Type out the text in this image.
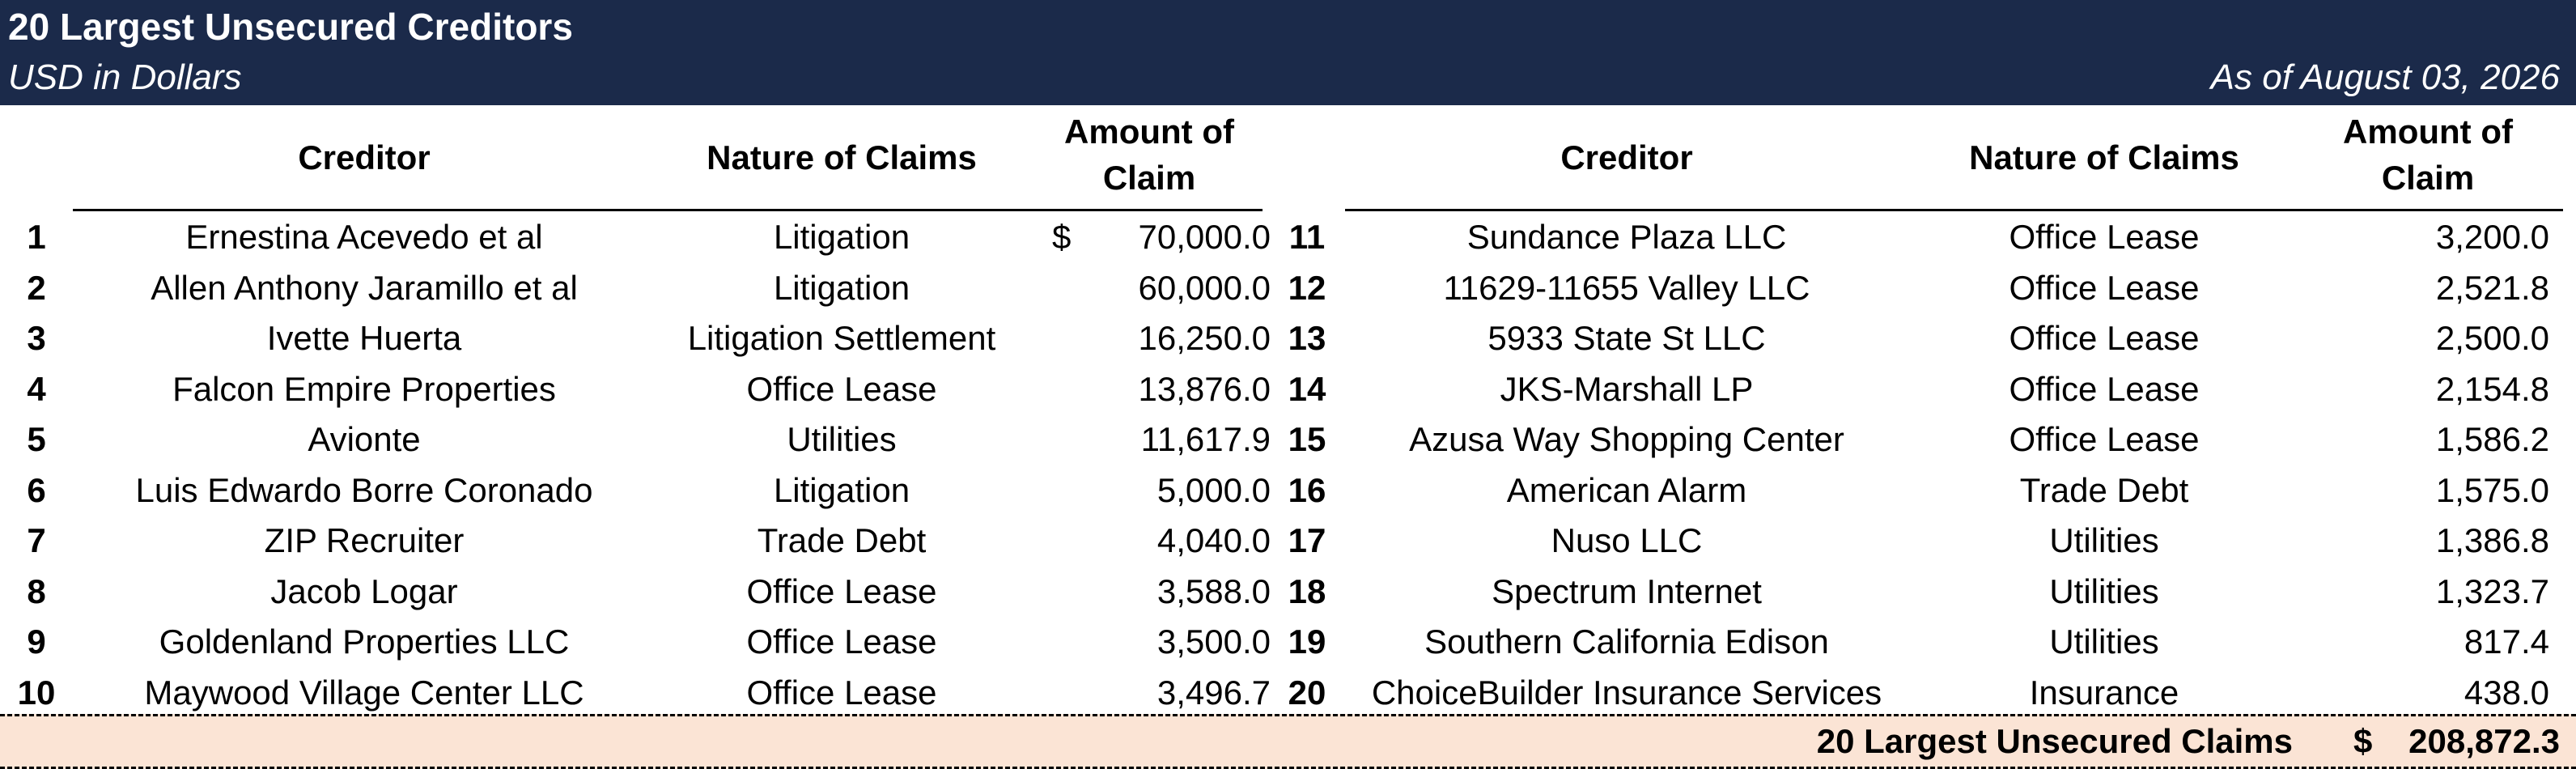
20 Largest Unsecured Creditors
USD in Dollars	As of August 03, 2026
Creditor	Nature of Claims
Amount of
Claim
Creditor	Nature of Claims
Amount of
Claim
1	Ernestina Acevedo et al	Litigation	$	70,000.0 11	Sundance Plaza LLC	Office Lease	3,200.0
2	Allen Anthony Jaramillo et al	Litigation	60,000.0 12	11629-11655 Valley LLC	Office Lease	2,521.8
3	Ivette Huerta	Litigation Settlement	16,250.0 13	5933 State St LLC	Office Lease	2,500.0
4	Falcon Empire Properties	Office Lease	13,876.0 14	JKS-Marshall LP	Office Lease	2,154.8
5	Avionte	Utilities	11,617.9 15	Azusa Way Shopping Center	Office Lease	1,586.2
6	Luis Edwardo Borre Coronado	Litigation	5,000.0 16	American Alarm	Trade Debt	1,575.0
7	ZIP Recruiter	Trade Debt	4,040.0 17	Nuso LLC	Utilities	1,386.8
8	Jacob Logar	Office Lease	3,588.0 18	Spectrum Internet	Utilities	1,323.7
9	Goldenland Properties LLC	Office Lease	3,500.0 19	Southern California Edison	Utilities	817.4
10	Maywood Village Center LLC	Office Lease	3,496.7 20	ChoiceBuilder Insurance Services	Insurance	438.0
20 Largest Unsecured Claims $ 208,872.3
